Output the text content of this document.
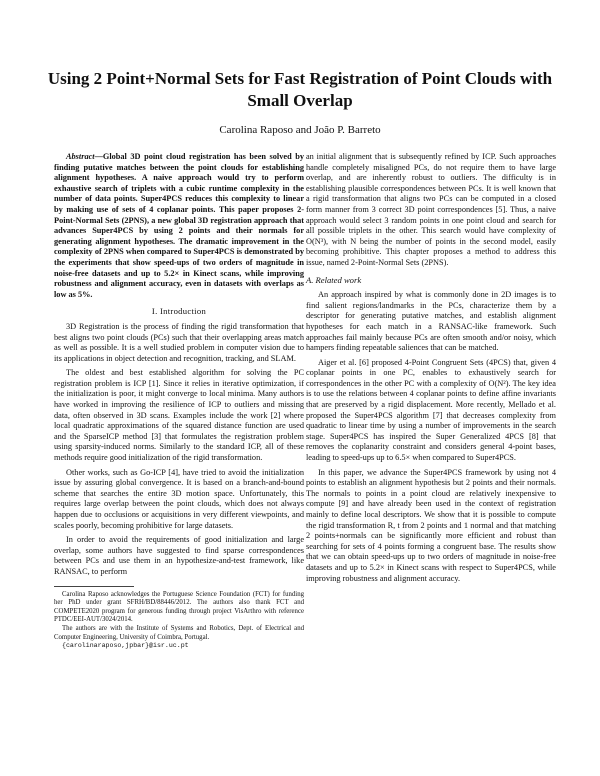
Using 2 Point+Normal Sets for Fast Registration of Point Clouds with Small Overlap
Carolina Raposo and João P. Barreto

Abstract—Global 3D point cloud registration has been solved by finding putative matches between the point clouds for establishing alignment hypotheses. A naive approach would try to perform exhaustive search of triplets with a cubic runtime complexity in the number of data points. Super4PCS reduces this complexity to linear by making use of sets of 4 coplanar points. This paper proposes 2-Point-Normal Sets (2PNS), a new global 3D registration approach that advances Super4PCS by using 2 points and their normals for generating alignment hypotheses. The dramatic improvement in the complexity of 2PNS when compared to Super4PCS is demonstrated by the experiments that show speed-ups of two orders of magnitude in noise-free datasets and up to 5.2× in Kinect scans, while improving robustness and alignment accuracy, even in datasets with overlaps as low as 5%.

I. Introduction

3D Registration is the process of finding the rigid transformation that best aligns two point clouds (PCs) such that their overlapping areas match as well as possible. It is a well studied problem in computer vision due to its applications in object detection and recognition, tracking, and SLAM.

The oldest and best established algorithm for solving the PC registration problem is ICP [1]. Since it relies in iterative optimization, if the initialization is poor, it might converge to local minima. Many authors have worked in improving the resilience of ICP to outliers and missing data, often observed in 3D scans. Examples include the work [2] where local quadratic approximations of the squared distance function are used and the SparseICP method [3] that formulates the registration problem using sparsity-induced norms. Similarly to the standard ICP, all of these methods require good initialization of the rigid transformation.

Other works, such as Go-ICP [4], have tried to avoid the initialization issue by assuring global convergence. It is based on a branch-and-bound scheme that searches the entire 3D motion space. Unfortunately, this requires large overlap between the point clouds, which does not always happen due to occlusions or acquisitions in very different viewpoints, and scales poorly, becoming prohibitive for large datasets.

In order to avoid the requirements of good initialization and large overlap, some authors have suggested to find sparse correspondences between PCs and use them in an hypothesize-and-test framework, like RANSAC, to perform

Carolina Raposo acknowledges the Portuguese Science Foundation (FCT) for funding her PhD under grant SFRH/BD/88446/2012. The authors also thank FCT and COMPETE2020 program for generous funding through project VisArthro with reference PTDC/EEI-AUT/3024/2014.

The authors are with the Institute of Systems and Robotics, Dept. of Electrical and Computer Engineering, University of Coimbra, Portugal.

{carolinaraposo,jpbar}@isr.uc.pt

an initial alignment that is subsequently refined by ICP. Such approaches handle completely misaligned PCs, do not require them to have large overlap, and are inherently robust to outliers. The difficulty is in establishing plausible correspondences between PCs. It is well known that a rigid transformation that aligns two PCs can be computed in a closed form manner from 3 correct 3D point correspondences [5]. Thus, a naive approach would select 3 random points in one point cloud and search for all possible triplets in the other. This search would have complexity of O(N³), with N being the number of points in the second model, easily becoming prohibitive. This chapter proposes a method to address this issue, named 2-Point-Normal Sets (2PNS).

A. Related work

An approach inspired by what is commonly done in 2D images is to find salient regions/landmarks in the PCs, characterize them by a descriptor for generating putative matches, and establish alignment hypotheses for each match in a RANSAC-like framework. Such approaches fail mainly because PCs are often smooth and/or noisy, which hampers finding repeatable saliences that can be matched.

Aiger et al. [6] proposed 4-Point Congruent Sets (4PCS) that, given 4 coplanar points in one PC, enables to exhaustively search for correspondences in the other PC with a complexity of O(N²). The key idea is to use the relations between 4 coplanar points to define affine invariants that are preserved by a rigid displacement. More recently, Mellado et al. proposed the Super4PCS algorithm [7] that decreases complexity from quadratic to linear time by using a number of improvements in the search stage. Super4PCS has inspired the Super Generalized 4PCS [8] that removes the coplanarity constraint and considers general 4-point bases, leading to speed-ups up to 6.5× when compared to Super4PCS.

In this paper, we advance the Super4PCS framework by using not 4 points to establish an alignment hypothesis but 2 points and their normals. The normals to points in a point cloud are relatively inexpensive to compute [9] and have already been used in the context of registration mainly to define local descriptors. We show that it is possible to compute the rigid transformation R, t from 2 points and 1 normal and that matching 2 points+normals can be significantly more efficient and robust than searching for sets of 4 points forming a congruent base. The results show that we can obtain speed-ups up to two orders of magnitude in noise-free datasets and up to 5.2× in Kinect scans with respect to Super4PCS, while improving robustness and alignment accuracy.
